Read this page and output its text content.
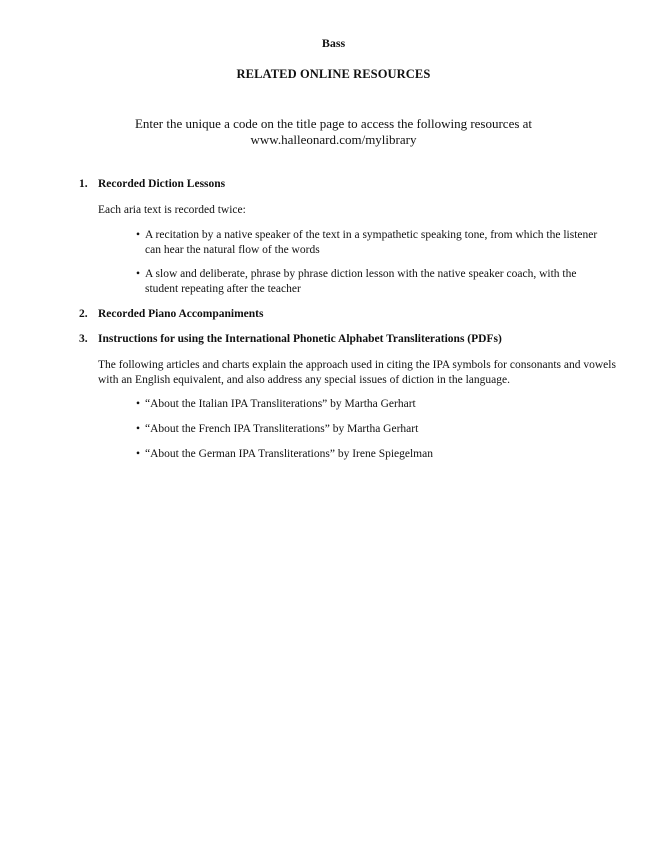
Bass
RELATED ONLINE RESOURCES
Enter the unique a code on the title page to access the following resources at
www.halleonard.com/mylibrary
1. Recorded Diction Lessons
Each aria text is recorded twice:
• A recitation by a native speaker of the text in a sympathetic speaking tone, from which the listener can hear the natural flow of the words
• A slow and deliberate, phrase by phrase diction lesson with the native speaker coach, with the student repeating after the teacher
2. Recorded Piano Accompaniments
3. Instructions for using the International Phonetic Alphabet Transliterations (PDFs)
The following articles and charts explain the approach used in citing the IPA symbols for consonants and vowels with an English equivalent, and also address any special issues of diction in the language.
• “About the Italian IPA Transliterations” by Martha Gerhart
• “About the French IPA Transliterations” by Martha Gerhart
• “About the German IPA Transliterations” by Irene Spiegelman
